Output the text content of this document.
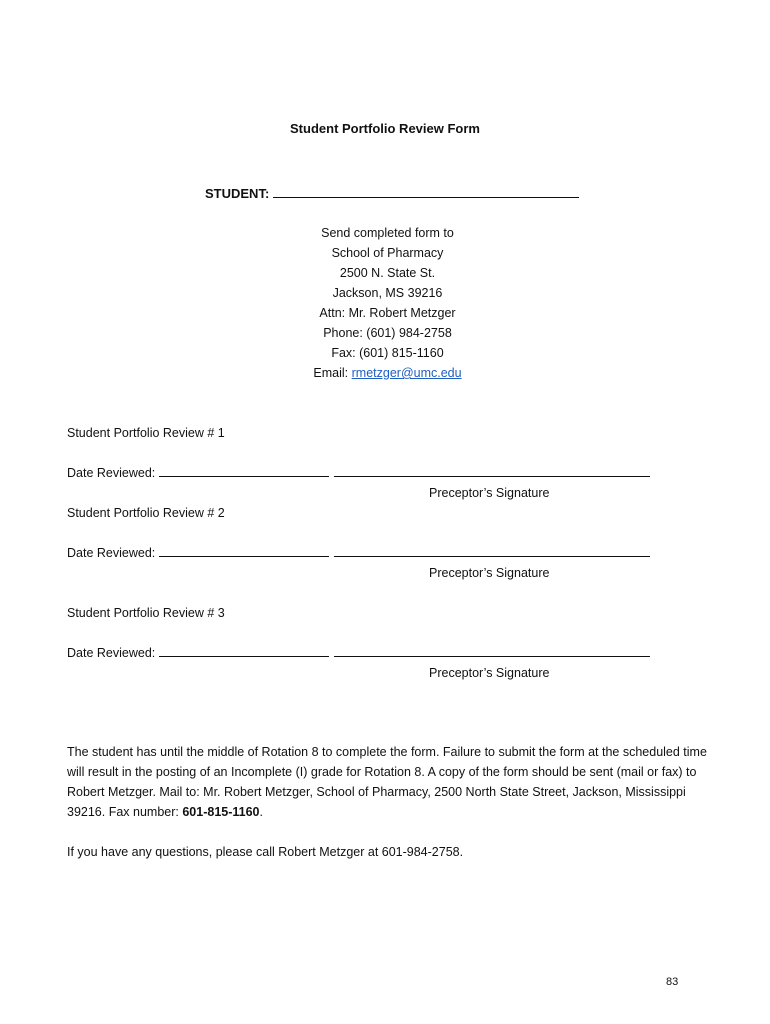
Student Portfolio Review Form
STUDENT:
Send completed form to
School of Pharmacy
2500 N. State St.
Jackson, MS 39216
Attn: Mr. Robert Metzger
Phone: (601) 984-2758
Fax: (601) 815-1160
Email: rmetzger@umc.edu
Student Portfolio Review # 1
Date Reviewed:
Preceptor’s Signature
Student Portfolio Review # 2
Date Reviewed:
Preceptor’s Signature
Student Portfolio Review # 3
Date Reviewed:
Preceptor’s Signature
The student has until the middle of Rotation 8 to complete the form. Failure to submit the form at the scheduled time will result in the posting of an Incomplete (I) grade for Rotation 8. A copy of the form should be sent (mail or fax) to Robert Metzger. Mail to: Mr. Robert Metzger, School of Pharmacy, 2500 North State Street, Jackson, Mississippi 39216. Fax number: 601-815-1160.
If you have any questions, please call Robert Metzger at 601-984-2758.
83
